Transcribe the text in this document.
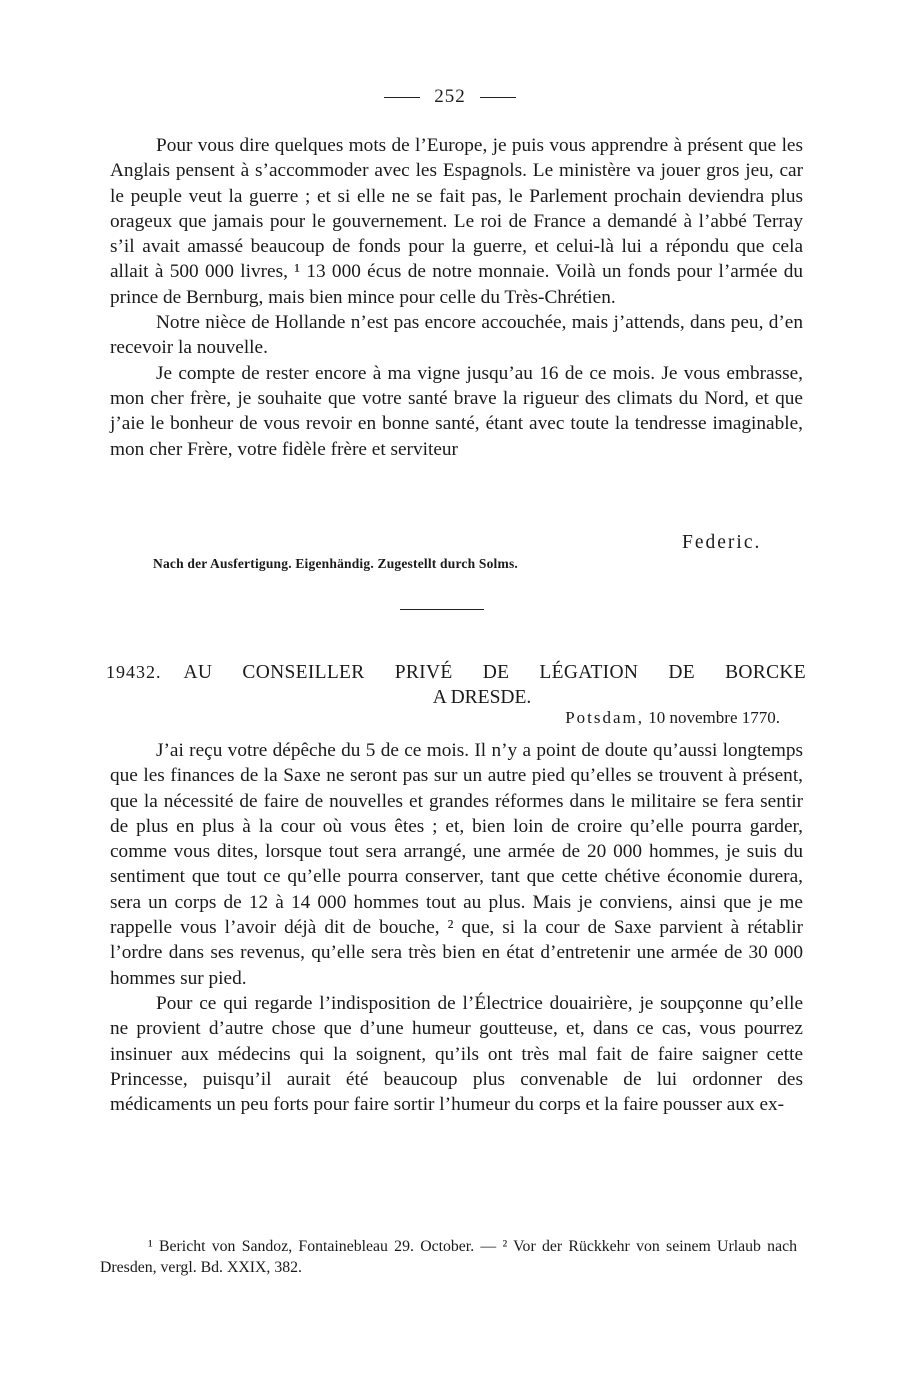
252

Pour vous dire quelques mots de l’Europe, je puis vous apprendre à présent que les Anglais pensent à s’accommoder avec les Espagnols. Le ministère va jouer gros jeu, car le peuple veut la guerre ; et si elle ne se fait pas, le Parlement prochain deviendra plus orageux que jamais pour le gouvernement. Le roi de France a demandé à l’abbé Terray s’il avait amassé beaucoup de fonds pour la guerre, et celui-là lui a répondu que cela allait à 500 000 livres, ¹ 13 000 écus de notre monnaie. Voilà un fonds pour l’armée du prince de Bernburg, mais bien mince pour celle du Très-Chrétien.

Notre nièce de Hollande n’est pas encore accouchée, mais j’attends, dans peu, d’en recevoir la nouvelle.

Je compte de rester encore à ma vigne jusqu’au 16 de ce mois. Je vous embrasse, mon cher frère, je souhaite que votre santé brave la rigueur des climats du Nord, et que j’aie le bonheur de vous revoir en bonne santé, étant avec toute la tendresse imaginable, mon cher Frère, votre fidèle frère et serviteur

Federic.
Nach der Ausfertigung. Eigenhändig. Zugestellt durch Solms.
19432. AU CONSEILLER PRIVÉ DE LÉGATION DE BORCKE
A DRESDE.
Potsdam, 10 novembre 1770.

J’ai reçu votre dépêche du 5 de ce mois. Il n’y a point de doute qu’aussi longtemps que les finances de la Saxe ne seront pas sur un autre pied qu’elles se trouvent à présent, que la nécessité de faire de nouvelles et grandes réformes dans le militaire se fera sentir de plus en plus à la cour où vous êtes ; et, bien loin de croire qu’elle pourra garder, comme vous dites, lorsque tout sera arrangé, une armée de 20 000 hommes, je suis du sentiment que tout ce qu’elle pourra conserver, tant que cette chétive économie durera, sera un corps de 12 à 14 000 hommes tout au plus. Mais je conviens, ainsi que je me rappelle vous l’avoir déjà dit de bouche, ² que, si la cour de Saxe parvient à rétablir l’ordre dans ses revenus, qu’elle sera très bien en état d’entretenir une armée de 30 000 hommes sur pied.

Pour ce qui regarde l’indisposition de l’Électrice douairière, je soupçonne qu’elle ne provient d’autre chose que d’une humeur goutteuse, et, dans ce cas, vous pourrez insinuer aux médecins qui la soignent, qu’ils ont très mal fait de faire saigner cette Princesse, puisqu’il aurait été beaucoup plus convenable de lui ordonner des médicaments un peu forts pour faire sortir l’humeur du corps et la faire pousser aux ex-

¹ Bericht von Sandoz, Fontainebleau 29. October. — ² Vor der Rückkehr von seinem Urlaub nach Dresden, vergl. Bd. XXIX, 382.
